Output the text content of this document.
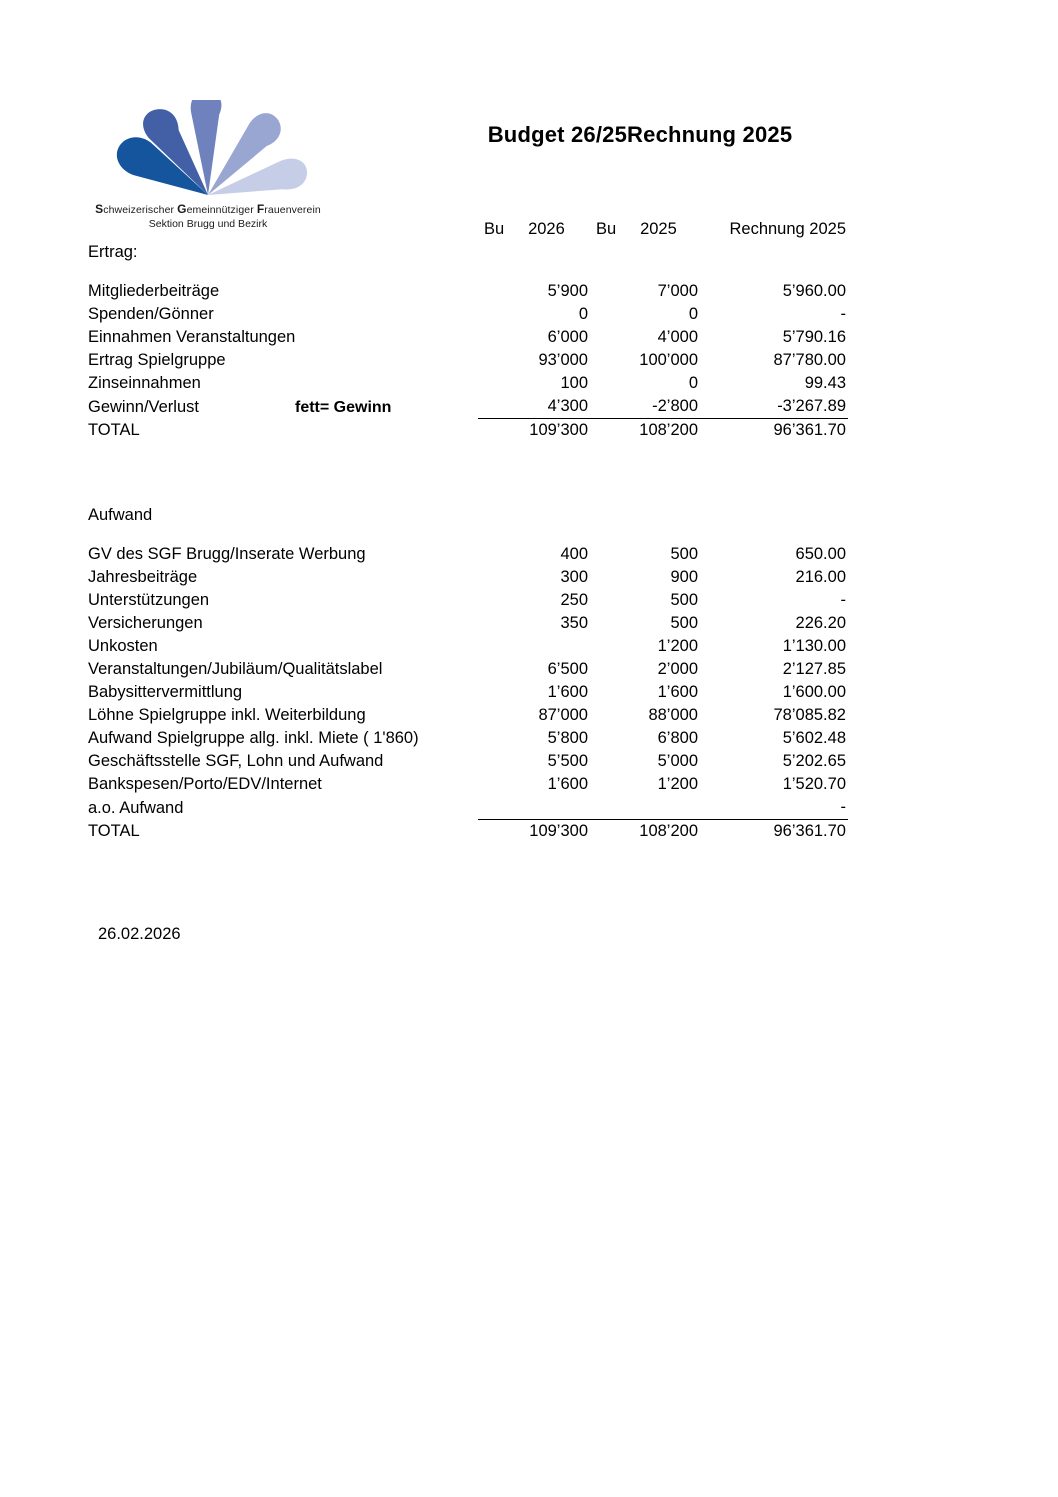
Schweizerischer Gemeinnütziger Frauenverein
Sektion Brugg und Bezirk
Budget 26/25Rechnung 2025
	Bu 2026	Bu 2025	Rechnung 2025
Ertrag:			

Mitgliederbeiträge	5’900	7’000	5’960.00
Spenden/Gönner	0	0	-
Einnahmen Veranstaltungen	6’000	4’000	5’790.16
Ertrag Spielgruppe	93’000	100’000	87’780.00
Zinseinnahmen	100	0	99.43
Gewinn/Verlust fett= Gewinn	4’300	-2’800	-3’267.89
TOTAL	109’300	108’200	96’361.70

Aufwand			

GV des SGF Brugg/Inserate Werbung	400	500	650.00
Jahresbeiträge	300	900	216.00
Unterstützungen	250	500	-
Versicherungen	350	500	226.20
Unkosten		1’200	1’130.00
Veranstaltungen/Jubiläum/Qualitätslabel	6’500	2’000	2’127.85
Babysittervermittlung	1’600	1’600	1’600.00
Löhne Spielgruppe inkl. Weiterbildung	87’000	88’000	78’085.82
Aufwand Spielgruppe allg. inkl. Miete ( 1'860)	5’800	6’800	5’602.48
Geschäftsstelle SGF, Lohn und Aufwand	5’500	5’000	5’202.65
Bankspesen/Porto/EDV/Internet	1’600	1’200	1’520.70
a.o. Aufwand			-
TOTAL	109’300	108’200	96’361.70
26.02.2026
